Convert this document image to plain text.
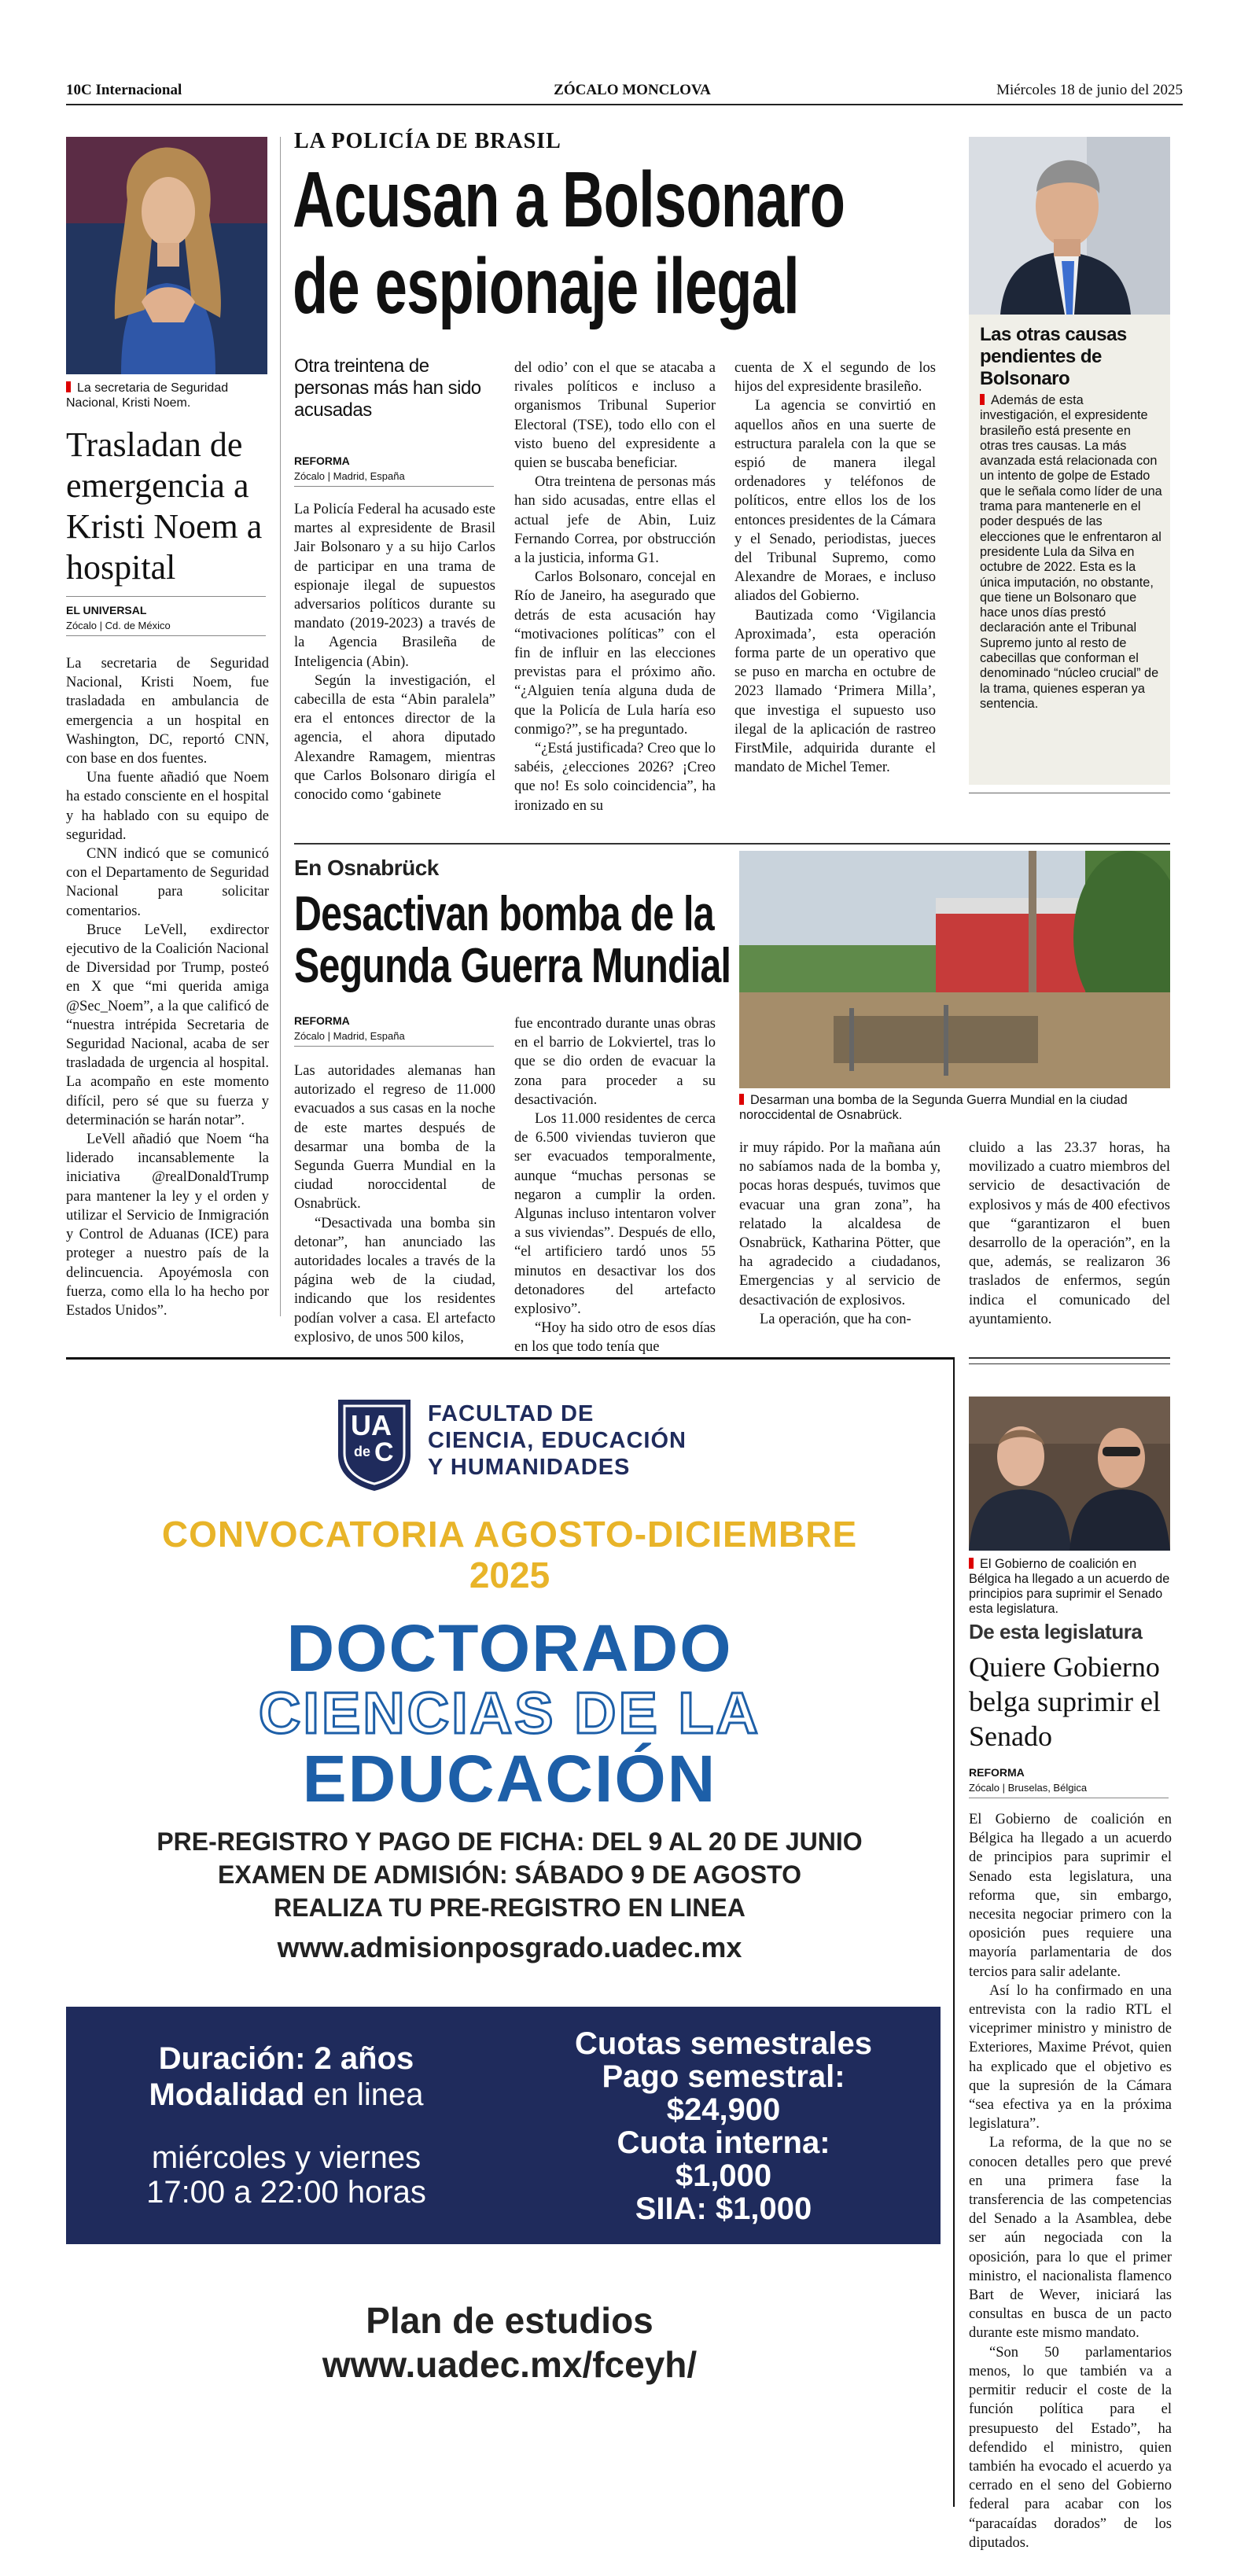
10C Internacional	ZÓCALO MONCLOVA	Miércoles 18 de junio del 2025
La secretaria de Seguridad Nacional, Kristi Noem.
Trasladan de emergencia a Kristi Noem a hospital
EL UNIVERSAL
Zócalo | Cd. de México

La secretaria de Seguridad Nacional, Kristi Noem, fue trasladada en ambulancia de emergencia a un hospital en Washington, DC, reportó CNN, con base en dos fuentes.

Una fuente añadió que Noem ha estado consciente en el hospital y ha hablado con su equipo de seguridad.

CNN indicó que se comunicó con el Departamento de Seguridad Nacional para solicitar comentarios.

Bruce LeVell, exdirector ejecutivo de la Coalición Nacional de Diversidad por Trump, posteó en X que “mi querida amiga @Sec_Noem”, a la que calificó de “nuestra intrépida Secretaria de Seguridad Nacional, acaba de ser trasladada de urgencia al hospital. La acompaño en este momento difícil, pero sé que su fuerza y determinación se harán notar”.

LeVell añadió que Noem “ha liderado incansablemente la iniciativa @realDonaldTrump para mantener la ley y el orden y utilizar el Servicio de Inmigración y Control de Aduanas (ICE) para proteger a nuestro país de la delincuencia. Apoyémosla con fuerza, como ella lo ha hecho por Estados Unidos”.

LA POLICÍA DE BRASIL
Acusan a Bolsonaro
de espionaje ilegal
Otra treintena de personas más han sido acusadas
REFORMA
Zócalo | Madrid, España

La Policía Federal ha acusado este martes al expresidente de Brasil Jair Bolsonaro y a su hijo Carlos de participar en una trama de espionaje ilegal de supuestos adversarios políticos durante su mandato (2019-2023) a través de la Agencia Brasileña de Inteligencia (Abin).

Según la investigación, el cabecilla de esta “Abin paralela” era el entonces director de la agencia, el ahora diputado Alexandre Ramagem, mientras que Carlos Bolsonaro dirigía el conocido como ‘gabinete

del odio’ con el que se atacaba a rivales políticos e incluso a organismos Tribunal Superior Electoral (TSE), todo ello con el visto bueno del expresidente a quien se buscaba beneficiar.

Otra treintena de personas más han sido acusadas, entre ellas el actual jefe de Abin, Luiz Fernando Correa, por obstrucción a la justicia, informa G1.

Carlos Bolsonaro, concejal en Río de Janeiro, ha asegurado que detrás de esta acusación hay “motivaciones políticas” con el fin de influir en las elecciones previstas para el próximo año. “¿Alguien tenía alguna duda de que la Policía de Lula haría eso conmigo?”, se ha preguntado.

“¿Está justificada? Creo que lo sabéis, ¿elecciones 2026? ¡Creo que no! Es solo coincidencia”, ha ironizado en su

cuenta de X el segundo de los hijos del expresidente brasileño.

La agencia se convirtió en aquellos años en una suerte de estructura paralela con la que se espió de manera ilegal ordenadores y teléfonos de políticos, entre ellos los de los entonces presidentes de la Cámara y el Senado, periodistas, jueces del Tribunal Supremo, como Alexandre de Moraes, e incluso aliados del Gobierno.

Bautizada como ‘Vigilancia Aproximada’, esta operación forma parte de un operativo que se puso en marcha en octubre de 2023 llamado ‘Primera Milla’, que investiga el supuesto uso ilegal de la aplicación de rastreo FirstMile, adquirida durante el mandato de Michel Temer.

Las otras causas pendientes de Bolsonaro
Además de esta investigación, el expresidente brasileño está presente en otras tres causas. La más avanzada está relacionada con un intento de golpe de Estado que le señala como líder de una trama para mantenerle en el poder después de las elecciones que le enfrentaron al presidente Lula da Silva en octubre de 2022. Esta es la única imputación, no obstante, que tiene un Bolsonaro que hace unos días prestó declaración ante el Tribunal Supremo junto al resto de cabecillas que conforman el denominado “núcleo crucial” de la trama, quienes esperan ya sentencia.
En Osnabrück
Desactivan bomba de la
Segunda Guerra Mundial
REFORMA
Zócalo | Madrid, España
Desarman una bomba de la Segunda Guerra Mundial en la ciudad noroccidental de Osnabrück.

Las autoridades alemanas han autorizado el regreso de 11.000 evacuados a sus casas en la noche de este martes después de desarmar una bomba de la Segunda Guerra Mundial en la ciudad noroccidental de Osnabrück.

“Desactivada una bomba sin detonar”, han anunciado las autoridades locales a través de la página web de la ciudad, indicando que los residentes podían volver a casa. El artefacto explosivo, de unos 500 kilos,

fue encontrado durante unas obras en el barrio de Lokviertel, tras lo que se dio orden de evacuar la zona para proceder a su desactivación.

Los 11.000 residentes de cerca de 6.500 viviendas tuvieron que ser evacuados temporalmente, aunque “muchas personas se negaron a cumplir la orden. Algunas incluso intentaron volver a sus viviendas”. Después de ello, “el artificiero tardó unos 55 minutos en desactivar los dos detonadores del artefacto explosivo”.

“Hoy ha sido otro de esos días en los que todo tenía que

ir muy rápido. Por la mañana aún no sabíamos nada de la bomba y, pocas horas después, tuvimos que evacuar una gran zona”, ha relatado la alcaldesa de Osnabrück, Katharina Pötter, que ha agradecido a ciudadanos, Emergencias y al servicio de desactivación de explosivos.

La operación, que ha con-

cluido a las 23.37 horas, ha movilizado a cuatro miembros del servicio de desactivación de explosivos y más de 400 efectivos que “garantizaron el buen desarrollo de la operación”, en la que, además, se realizaron 36 traslados de enfermos, según indica el comunicado del ayuntamiento.

UA
de C
FACULTAD DE
CIENCIA, EDUCACIÓN
Y HUMANIDADES
CONVOCATORIA AGOSTO-DICIEMBRE
2025
DOCTORADO
CIENCIAS DE LA
EDUCACIÓN
PRE-REGISTRO Y PAGO DE FICHA: DEL 9 AL 20 DE JUNIO
EXAMEN DE ADMISIÓN: SÁBADO 9 DE AGOSTO
REALIZA TU PRE-REGISTRO EN LINEA
www.admisionposgrado.uadec.mx
Duración: 2 años
Modalidad en linea
miércoles y viernes
17:00 a 22:00 horas
Cuotas semestrales
Pago semestral:
$24,900
Cuota interna:
$1,000
SIIA: $1,000
Plan de estudios
www.uadec.mx/fceyh/
El Gobierno de coalición en Bélgica ha llegado a un acuerdo de principios para suprimir el Senado esta legislatura.
De esta legislatura
Quiere Gobierno belga suprimir el Senado
REFORMA
Zócalo | Bruselas, Bélgica

El Gobierno de coalición en Bélgica ha llegado a un acuerdo de principios para suprimir el Senado esta legislatura, una reforma que, sin embargo, necesita negociar primero con la oposición pues requiere una mayoría parlamentaria de dos tercios para salir adelante.

Así lo ha confirmado en una entrevista con la radio RTL el viceprimer ministro y ministro de Exteriores, Maxime Prévot, quien ha explicado que el objetivo es que la supresión de la Cámara “sea efectiva ya en la próxima legislatura”.

La reforma, de la que no se conocen detalles pero que prevé en una primera fase la transferencia de las competencias del Senado a la Asamblea, debe ser aún negociada con la oposición, para lo que el primer ministro, el nacionalista flamenco Bart de Wever, iniciará las consultas en busca de un pacto durante este mismo mandato.

“Son 50 parlamentarios menos, lo que también va a permitir reducir el coste de la función política para el presupuesto del Estado”, ha defendido el ministro, quien también ha evocado el acuerdo ya cerrado en el seno del Gobierno federal para acabar con los “paracaídas dorados” de los diputados.
